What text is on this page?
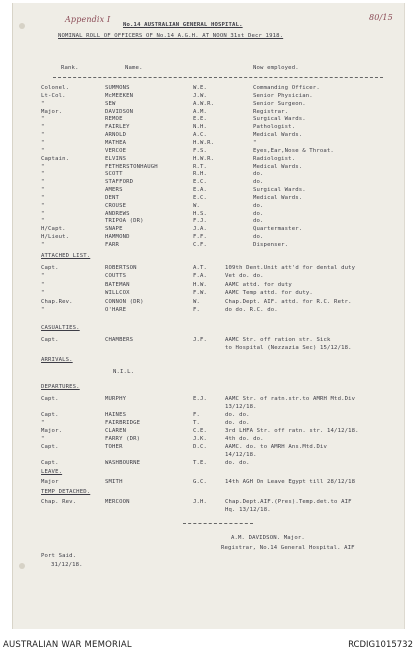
Appendix I	80/15
No.14 AUSTRALIAN GENERAL HOSPITAL.
NOMINAL ROLL OF OFFICERS OF No.14 A.G.H. AT NOON 31st Decr 1918.
Rank.	Name.	Now employed.
Colonel.	SUMMONS	W.E.	Commanding Officer.
Lt-Col.	McMEEKEN	J.W.	Senior Physician.
"	SEW	A.W.R.	Senior Surgeon.
Major.	DAVIDSON	A.M.	Registrar.
"	REMOE	E.E.	Surgical Wards.
"	FAIRLEY	N.H.	Pathologist.
"	ARNOLD	A.C.	Medical Wards.
"	MATHEA	H.W.R.	"
"	VERCOE	F.S.	Eyes,Ear,Nose & Throat.
Captain.	ELVINS	H.W.R.	Radiologist.
"	FETHERSTONHAUGH	R.T.	Medical Wards.
"	SCOTT	R.H.	do.
"	STAFFORD	E.C.	do.
"	AMERS	E.A.	Surgical Wards.
"	DENT	E.C.	Medical Wards.
"	CROUSE	W.	do.
"	ANDREWS	H.S.	do.
"	TRIPOA (DR)	F.J.	do.
H/Capt.	SNAPE	J.A.	Quartermaster.
H/Lieut.	HAMMOND	F.F.	do.
"	FARR	C.F.	Dispenser.
Capt.	ROBERTSON	A.T.	109th Dent.Unit att'd for dental duty
"	COUTTS	F.A.	Vet do. do.
"	BATEMAN	H.W.	AAMC attd. for duty
"	WILLCOX	F.W.	AAMC Temp attd. for duty.
Chap.Rev.	CONNON (DR)	W.	Chap.Dept. AIF. attd. for R.C. Retr.
"	O'HARE	F.	do do. R.C. do.
Capt.	CHAMBERS	J.F.	AAMC Str. off ration str. Sick
to Hospital (Nezzazia Sec) 15/12/18.
Capt.	MURPHY	E.J.	AAMC Str. of ratn.str.to AMRH Mtd.Div
13/12/18.
Capt.	HAINES	F.	do. do.
"	FAIRBRIDGE	T.	do. do.
Major.	CLAREN	C.E.	3rd LHFA Str. off ratn. str. 14/12/18.
"	FARRY (DR)	J.K.	4th do. do.
Capt.	TOHER	D.C.	AAMC. do. to AMRH Ans.Mtd.Div
14/12/18.
Capt.	WASHBOURNE	T.E.	do. do.
Major	SMITH	G.C.	14th AGH On Leave Egypt till 28/12/18
Chap. Rev.	MERCOON	J.H.	Chap.Dept.AIF.(Pres).Temp.det.to AIF
Hq. 13/12/18.
ATTACHED LIST.
CASUALTIES.
ARRIVALS.
N.I.L.
DEPARTURES.
LEAVE.
TEMP DETACHED.
A.M. DAVIDSON. Major.
Registrar, No.14 General Hospital. AIF
Port Said.
31/12/18.
AUSTRALIAN WAR MEMORIAL	RCDIG1015732
